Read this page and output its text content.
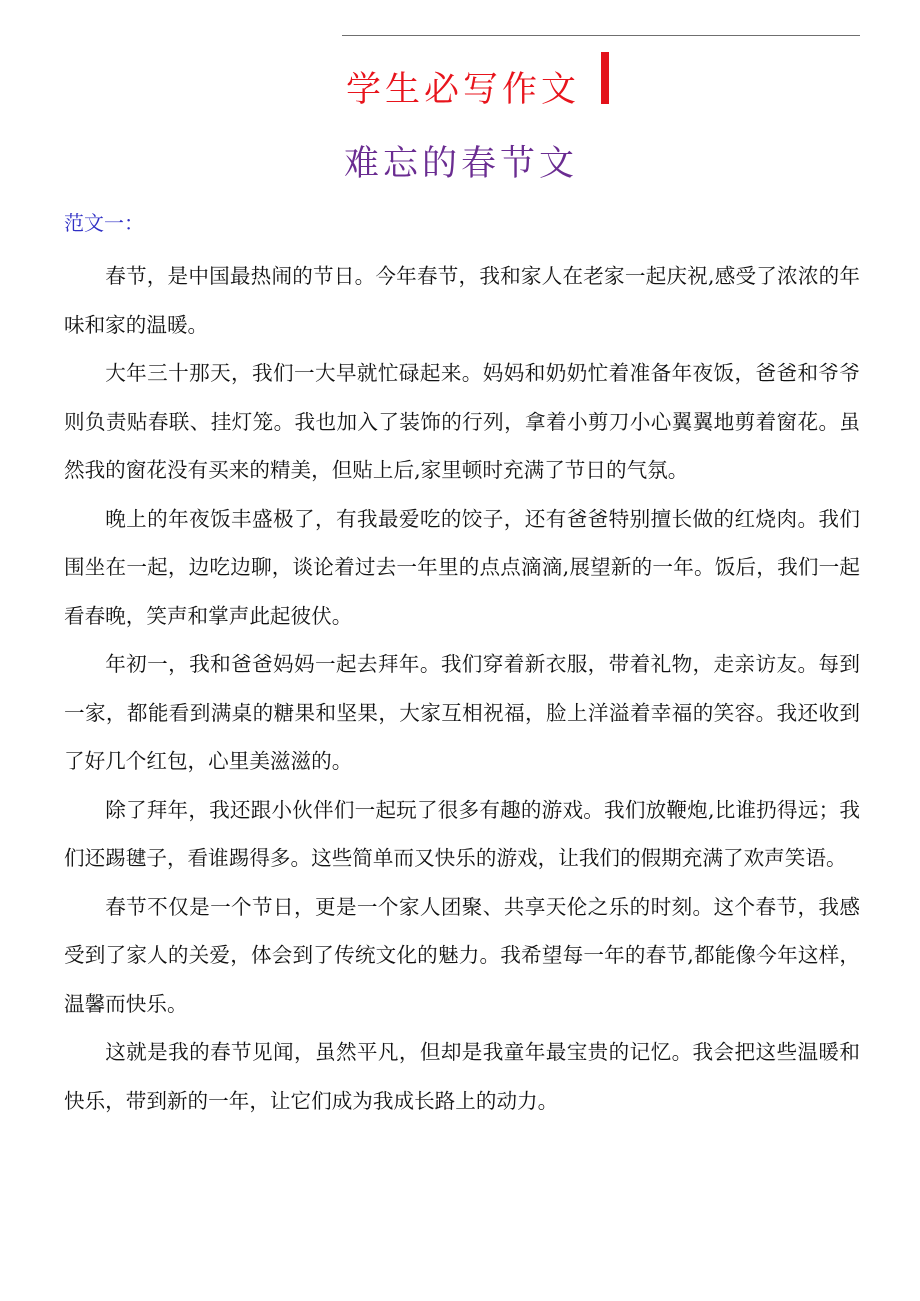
学生必写作文
难忘的春节文
范文一：

春节，是中国最热闹的节日。今年春节，我和家人在老家一起庆祝,感受了浓浓的年味和家的温暖。

大年三十那天，我们一大早就忙碌起来。妈妈和奶奶忙着准备年夜饭，爸爸和爷爷则负责贴春联、挂灯笼。我也加入了装饰的行列，拿着小剪刀小心翼翼地剪着窗花。虽然我的窗花没有买来的精美，但贴上后,家里顿时充满了节日的气氛。

晚上的年夜饭丰盛极了，有我最爱吃的饺子，还有爸爸特别擅长做的红烧肉。我们围坐在一起，边吃边聊，谈论着过去一年里的点点滴滴,展望新的一年。饭后，我们一起看春晚，笑声和掌声此起彼伏。

年初一，我和爸爸妈妈一起去拜年。我们穿着新衣服，带着礼物，走亲访友。每到一家，都能看到满桌的糖果和坚果，大家互相祝福，脸上洋溢着幸福的笑容。我还收到了好几个红包，心里美滋滋的。

除了拜年，我还跟小伙伴们一起玩了很多有趣的游戏。我们放鞭炮,比谁扔得远；我们还踢毽子，看谁踢得多。这些简单而又快乐的游戏，让我们的假期充满了欢声笑语。

春节不仅是一个节日，更是一个家人团聚、共享天伦之乐的时刻。这个春节，我感受到了家人的关爱，体会到了传统文化的魅力。我希望每一年的春节,都能像今年这样，温馨而快乐。

这就是我的春节见闻，虽然平凡，但却是我童年最宝贵的记忆。我会把这些温暖和快乐，带到新的一年，让它们成为我成长路上的动力。
